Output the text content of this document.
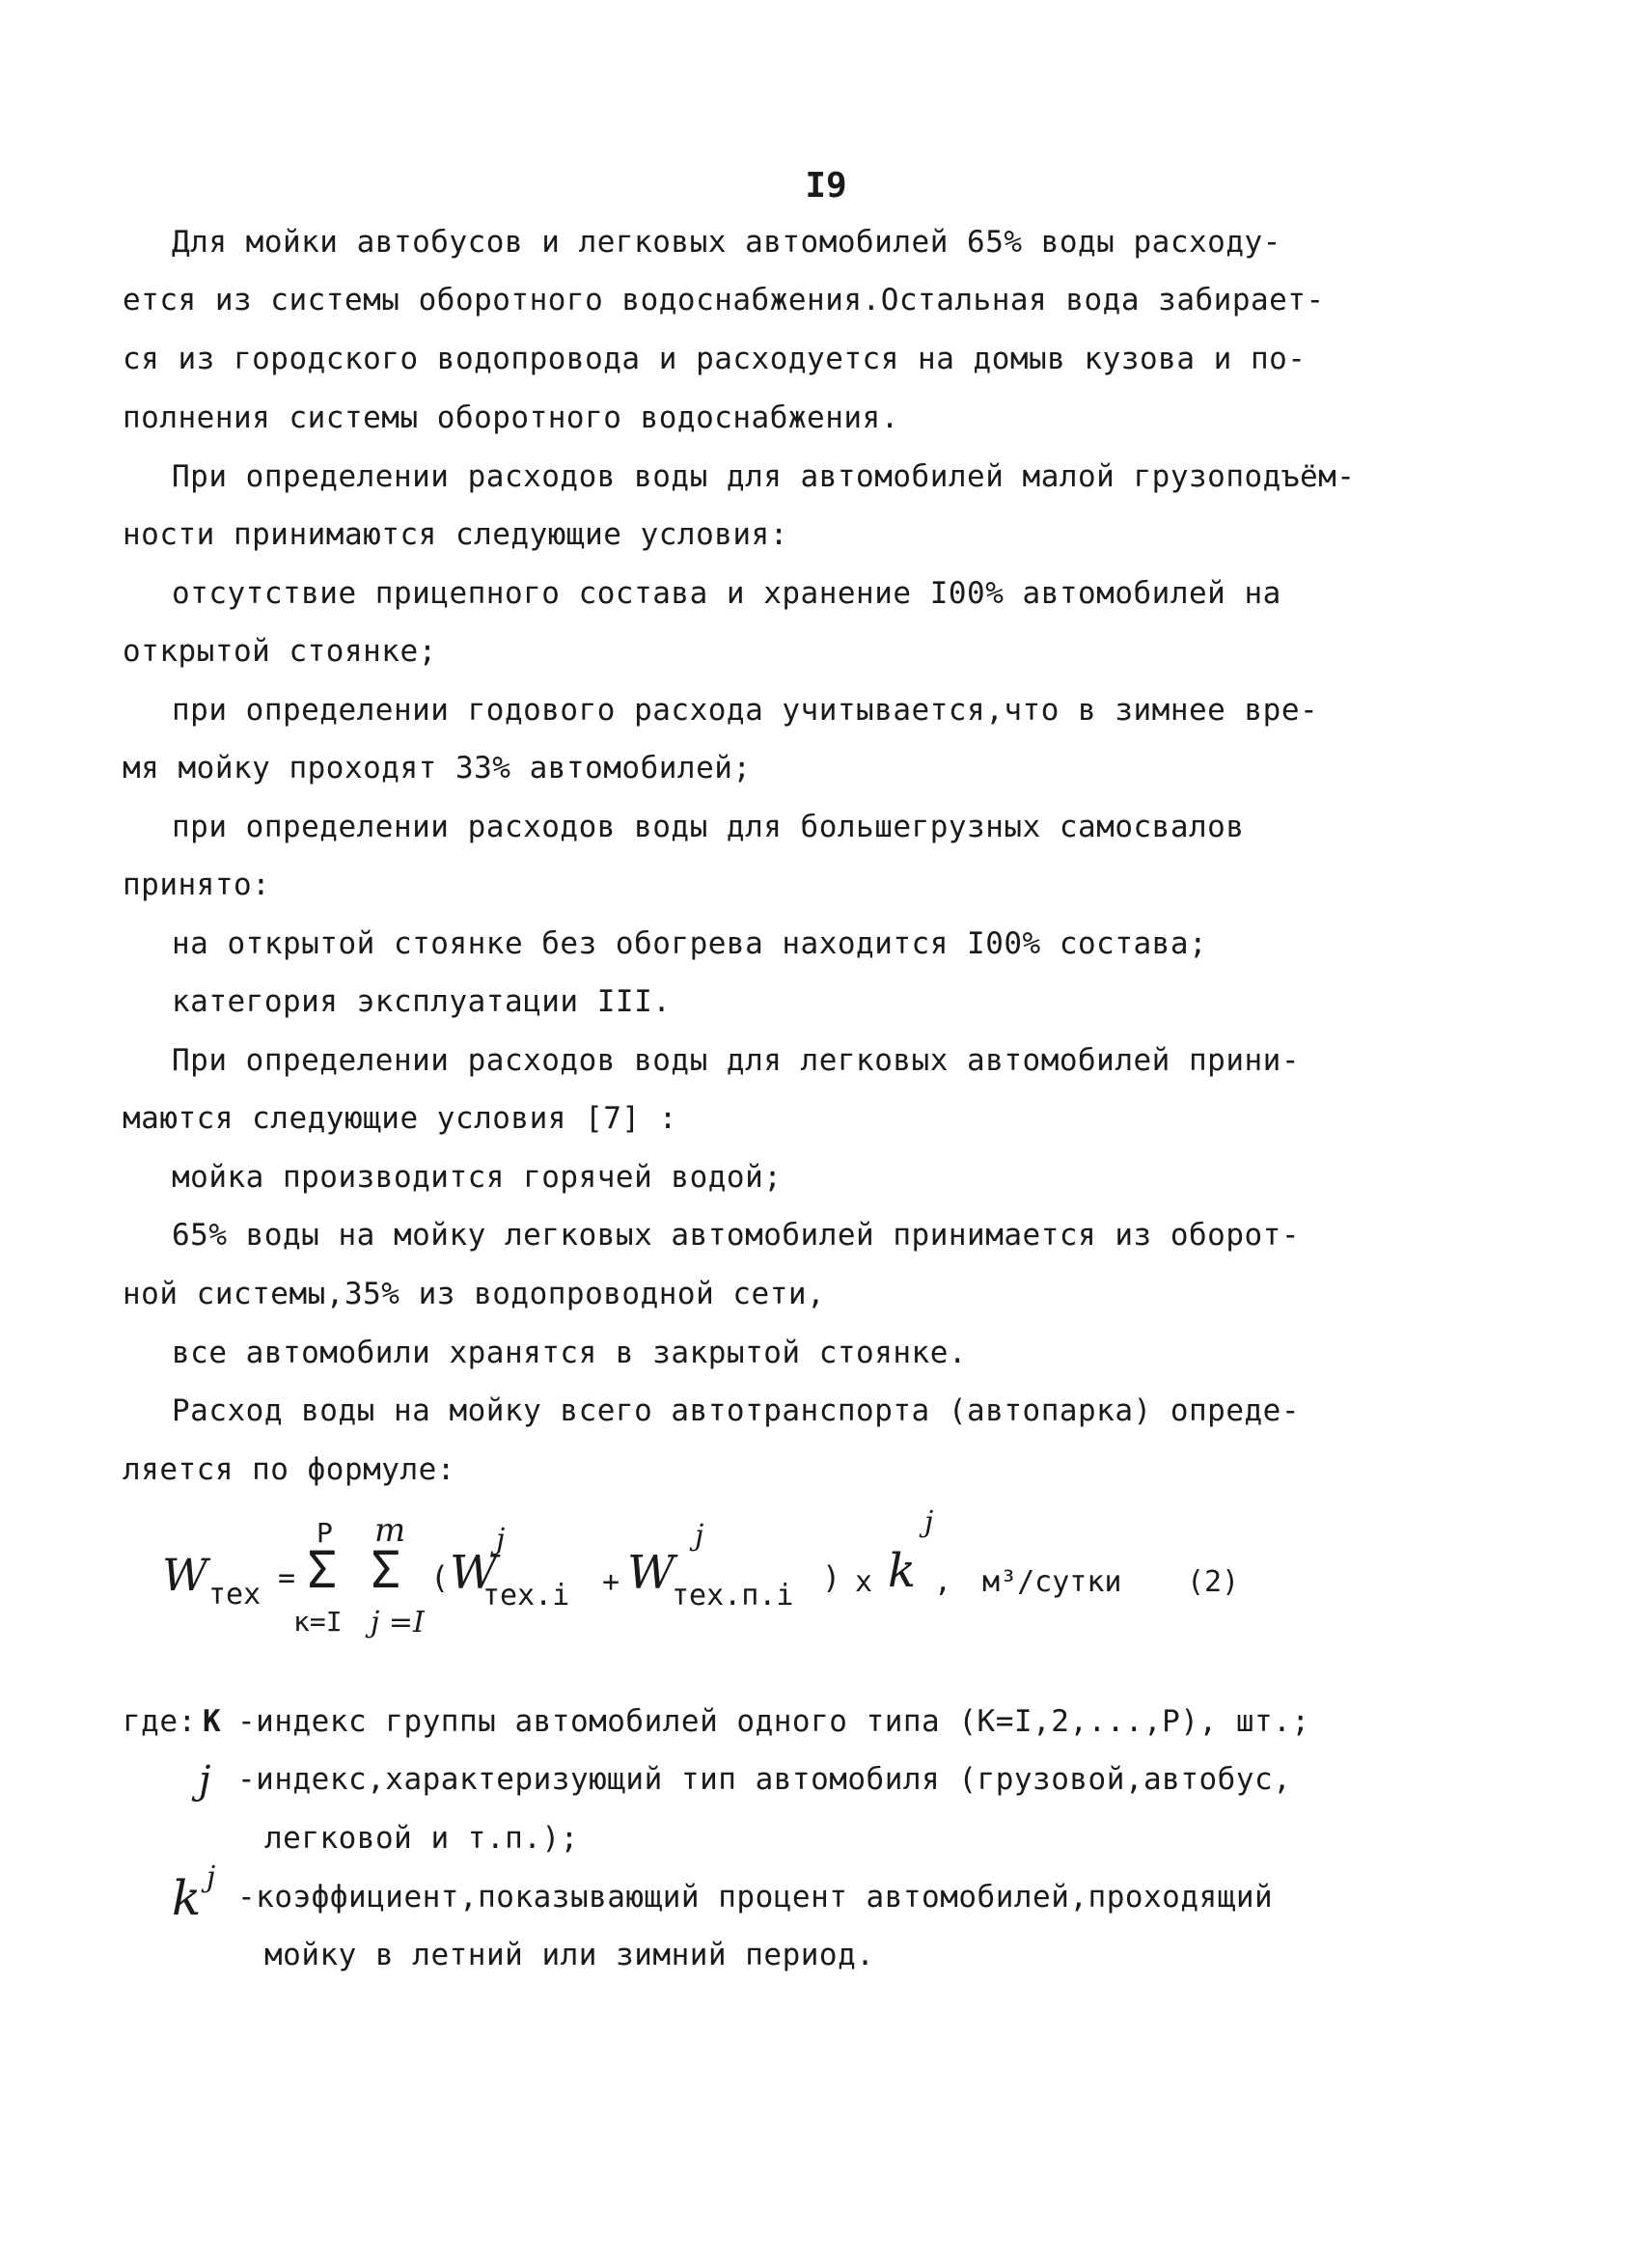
I9
Для мойки автобусов и легковых автомобилей 65% воды расходу-
ется из системы оборотного водоснабжения.Остальная вода забирает-
ся из городского водопровода и расходуется на домыв кузова и по-
полнения системы оборотного водоснабжения.
При определении расходов воды для автомобилей малой грузоподъём-
ности принимаются следующие условия:
отсутствие прицепного состава и хранение I00% автомобилей на
открытой стоянке;
при определении годового расхода учитывается,что в зимнее вре-
мя мойку проходят 33% автомобилей;
при определении расходов воды для большегрузных самосвалов
принято:
на открытой стоянке без обогрева находится I00% состава;
категория эксплуатации III.
При определении расходов воды для легковых автомобилей прини-
маются следующие условия [7] :
мойка производится горячей водой;
65% воды на мойку легковых автомобилей принимается из оборот-
ной системы,35% из водопроводной сети,
все автомобили хранятся в закрытой стоянке.
Расход воды на мойку всего автотранспорта (автопарка) опреде-
ляется по формуле:
W тех =
P
Σ
к=I
m
Σ
j =I
( W
j
тех.i + W
j
тех.п.i ) x k
j
, м³/сутки (2)
где: K -индекс группы автомобилей одного типа (K=I,2,...,P), шт.;
j -индекс,характеризующий тип автомобиля (грузовой,автобус,
легковой и т.п.);
k j
-коэффициент,показывающий процент автомобилей,проходящий
мойку в летний или зимний период.
